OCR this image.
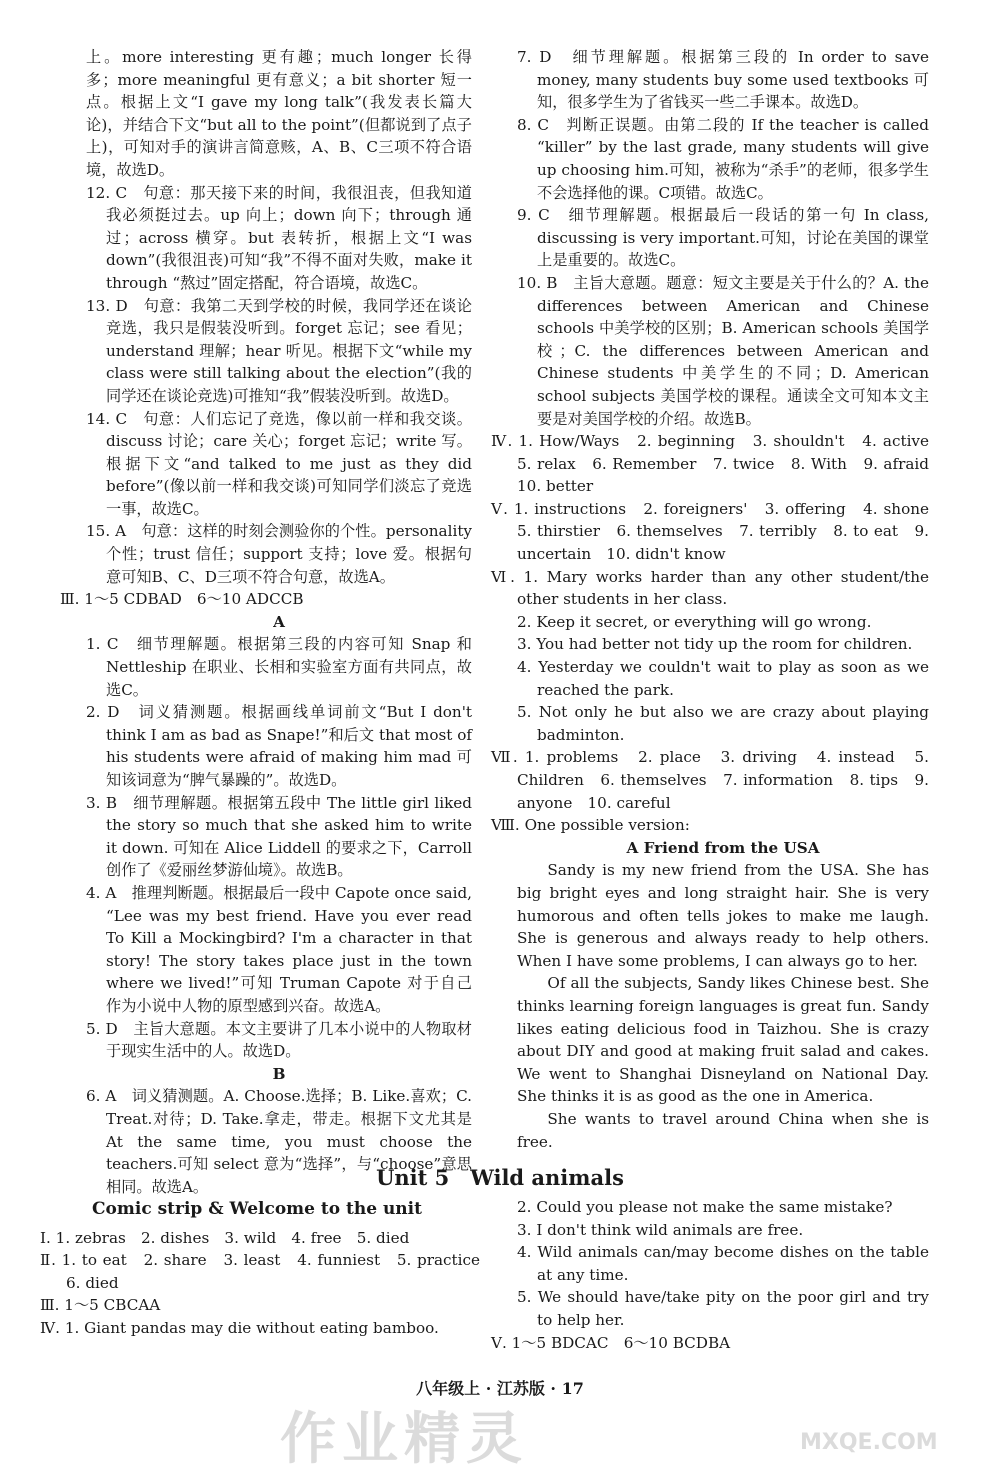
上。more interesting 更有趣；much longer 长得多；more meaningful 更有意义；a bit shorter 短一点。根据上文“I gave my long talk”(我发表长篇大论)，并结合下文“but all to the point”(但都说到了点子上)，可知对手的演讲言简意赅，A、B、C三项不符合语境，故选D。

12. C　句意：那天接下来的时间，我很沮丧，但我知道我必须挺过去。up 向上；down 向下；through 通过；across 横穿。but 表转折，根据上文“I was down”(我很沮丧)可知“我”不得不面对失败，make it through “熬过”固定搭配，符合语境，故选C。

13. D　句意：我第二天到学校的时候，我同学还在谈论竞选，我只是假装没听到。forget 忘记；see 看见；understand 理解；hear 听见。根据下文“while my class were still talking about the election”(我的同学还在谈论竞选)可推知“我”假装没听到。故选D。

14. C　句意：人们忘记了竞选，像以前一样和我交谈。discuss 讨论；care 关心；forget 忘记；write 写。根据下文“and talked to me just as they did before”(像以前一样和我交谈)可知同学们淡忘了竞选一事，故选C。

15. A　句意：这样的时刻会测验你的个性。personality 个性；trust 信任；support 支持；love 爱。根据句意可知B、C、D三项不符合句意，故选A。

Ⅲ. 1～5 CDBAD　6～10 ADCCB

A

1. C　细节理解题。根据第三段的内容可知 Snap 和 Nettleship 在职业、长相和实验室方面有共同点，故选C。

2. D　词义猜测题。根据画线单词前文“But I don't think I am as bad as Snape!”和后文 that most of his students were afraid of making him mad 可知该词意为“脾气暴躁的”。故选D。

3. B　细节理解题。根据第五段中 The little girl liked the story so much that she asked him to write it down. 可知在 Alice Liddell 的要求之下，Carroll 创作了《爱丽丝梦游仙境》。故选B。

4. A　推理判断题。根据最后一段中 Capote once said, “Lee was my best friend. Have you ever read To Kill a Mockingbird? I'm a character in that story! The story takes place just in the town where we lived!”可知 Truman Capote 对于自己作为小说中人物的原型感到兴奋。故选A。

5. D　主旨大意题。本文主要讲了几本小说中的人物取材于现实生活中的人。故选D。

B

6. A　词义猜测题。A. Choose.选择；B. Like.喜欢；C. Treat.对待；D. Take.拿走，带走。根据下文尤其是 At the same time, you must choose the teachers.可知 select 意为“选择”，与“choose”意思相同。故选A。

7. D　细节理解题。根据第三段的 In order to save money, many students buy some used textbooks 可知，很多学生为了省钱买一些二手课本。故选D。

8. C　判断正误题。由第二段的 If the teacher is called “killer” by the last grade, many students will give up choosing him.可知，被称为“杀手”的老师，很多学生不会选择他的课。C项错。故选C。

9. C　细节理解题。根据最后一段话的第一句 In class, discussing is very important.可知，讨论在美国的课堂上是重要的。故选C。

10. B　主旨大意题。题意：短文主要是关于什么的？A. the differences between American and Chinese schools 中美学校的区别；B. American schools 美国学校；C. the differences between American and Chinese students 中美学生的不同；D. American school subjects 美国学校的课程。通读全文可知本文主要是对美国学校的介绍。故选B。

Ⅳ. 1. How/Ways　2. beginning　3. shouldn't　4. active　5. relax　6. Remember　7. twice　8. With　9. afraid　10. better

Ⅴ. 1. instructions　2. foreigners'　3. offering　4. shone　5. thirstier　6. themselves　7. terribly　8. to eat　9. uncertain　10. didn't know

Ⅵ. 1. Mary works harder than any other student/the other students in her class.

2. Keep it secret, or everything will go wrong.

3. You had better not tidy up the room for children.

4. Yesterday we couldn't wait to play as soon as we reached the park.

5. Not only he but also we are crazy about playing badminton.

Ⅶ. 1. problems　2. place　3. driving　4. instead　5. Children　6. themselves　7. information　8. tips　9. anyone　10. careful

Ⅷ. One possible version:

A Friend from the USA

Sandy is my new friend from the USA. She has big bright eyes and long straight hair. She is very humorous and often tells jokes to make me laugh. She is generous and always ready to help others. When I have some problems, I can always go to her.

Of all the subjects, Sandy likes Chinese best. She thinks learning foreign languages is great fun. Sandy likes eating delicious food in Taizhou. She is crazy about DIY and good at making fruit salad and cakes. We went to Shanghai Disneyland on National Day. She thinks it is as good as the one in America.

She wants to travel around China when she is free.

Unit 5　Wild animals
Comic strip & Welcome to the unit

Ⅰ. 1. zebras　2. dishes　3. wild　4. free　5. died

Ⅱ. 1. to eat　2. share　3. least　4. funniest　5. practice　6. died

Ⅲ. 1～5 CBCAA

Ⅳ. 1. Giant pandas may die without eating bamboo.

2. Could you please not make the same mistake?

3. I don't think wild animals are free.

4. Wild animals can/may become dishes on the table at any time.

5. We should have/take pity on the poor girl and try to help her.

Ⅴ. 1～5 BDCAC　6～10 BCDBA

八年级上 · 江苏版 · 17
作业精灵	MXQE.COM
